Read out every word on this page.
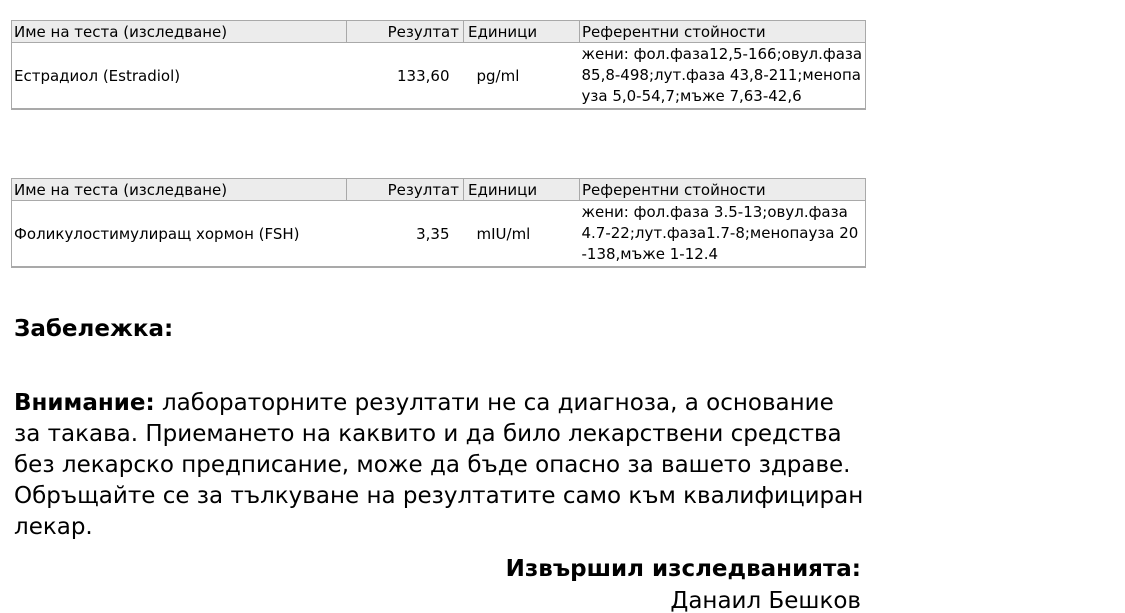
Име на теста (изследване)	Резултат	Единици	Референтни стойности
Естрадиол (Estradiol)	133,60	pg/ml	жени: фол.фаза12,5-166;овул.фаза 85,8-498;лут.фаза 43,8-211;менопауза 5,0-54,7;мъже 7,63-42,6
Име на теста (изследване)	Резултат	Единици	Референтни стойности
Фоликулостимулиращ хормон (FSH)	3,35	mIU/ml	жени: фол.фаза 3.5-13;овул.фаза 4.7-22;лут.фаза1.7-8;менопауза 20-138,мъже 1-12.4

Забележка:

Внимание: лабораторните резултати не са диагноза, а основание за такава. Приемането на каквито и да било лекарствени средства без лекарско предписание, може да бъде опасно за вашето здраве. Обръщайте се за тълкуване на резултатите само към квалифициран лекар.

Извършил изследванията:

Данаил Бешков
